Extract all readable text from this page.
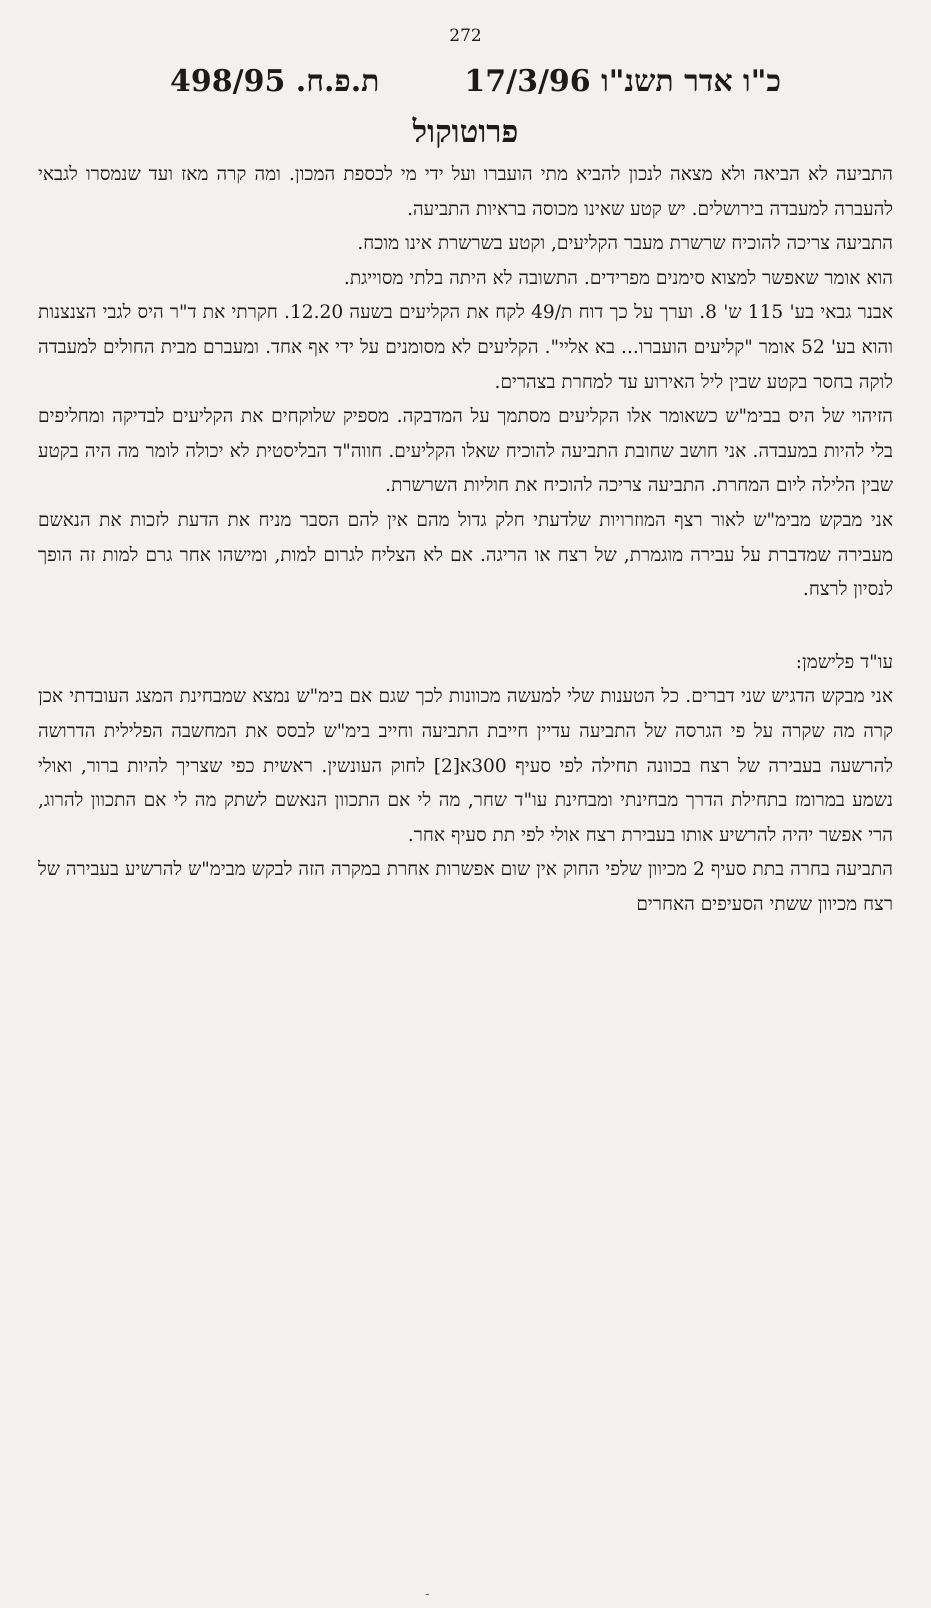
272
כ"ו אדר תשנ"ו 17/3/96
ת.פ.ח. 498/95
פרוטוקול

התביעה לא הביאה ולא מצאה לנכון להביא מתי הועברו ועל ידי מי לכספת המכון. ומה קרה מאז ועד שנמסרו לגבאי להעברה למעבדה בירושלים. יש קטע שאינו מכוסה בראיות התביעה.

התביעה צריכה להוכיח שרשרת מעבר הקליעים, וקטע בשרשרת אינו מוכח.

הוא אומר שאפשר למצוא סימנים מפרידים. התשובה לא היתה בלתי מסוייגת.

אבנר גבאי בע' 115 ש' 8. וערך על כך דוח ת/49 לקח את הקליעים בשעה 12.20. חקרתי את ד"ר היס לגבי הצנצנות והוא בע' 52 אומר "קליעים הועברו... בא אליי". הקליעים לא מסומנים על ידי אף אחד. ומעברם מבית החולים למעבדה לוקה בחסר בקטע שבין ליל האירוע עד למחרת בצהרים.

הזיהוי של היס בבימ"ש כשאומר אלו הקליעים מסתמך על המדבקה. מספיק שלוקחים את הקליעים לבדיקה ומחליפים בלי להיות במעבדה. אני חושב שחובת התביעה להוכיח שאלו הקליעים. חווה"ד הבליסטית לא יכולה לומר מה היה בקטע שבין הלילה ליום המחרת. התביעה צריכה להוכיח את חוליות השרשרת.

אני מבקש מבימ"ש לאור רצף המוזרויות שלדעתי חלק גדול מהם אין להם הסבר מניח את הדעת לזכות את הנאשם מעבירה שמדברת על עבירה מוגמרת, של רצח או הריגה. אם לא הצליח לגרום למות, ומישהו אחר גרם למות זה הופך לנסיון לרצח.

עו"ד פלישמן:

אני מבקש הדגיש שני דברים. כל הטענות שלי למעשה מכוונות לכך שגם אם בימ"ש נמצא שמבחינת המצג העובדתי אכן קרה מה שקרה על פי הגרסה של התביעה עדיין חייבת התביעה וחייב בימ"ש לבסס את המחשבה הפלילית הדרושה להרשעה בעבירה של רצח בכוונה תחילה לפי סעיף 300א[2] לחוק העונשין. ראשית כפי שצריך להיות ברור, ואולי נשמע במרומז בתחילת הדרך מבחינתי ומבחינת עו"ד שחר, מה לי אם התכוון הנאשם לשתק מה לי אם התכוון להרוג, הרי אפשר יהיה להרשיע אותו בעבירת רצח אולי לפי תת סעיף אחר.

התביעה בחרה בתת סעיף 2 מכיוון שלפי החוק אין שום אפשרות אחרת במקרה הזה לבקש מבימ"ש להרשיע בעבירה של רצח מכיוון ששתי הסעיפים האחרים

-
